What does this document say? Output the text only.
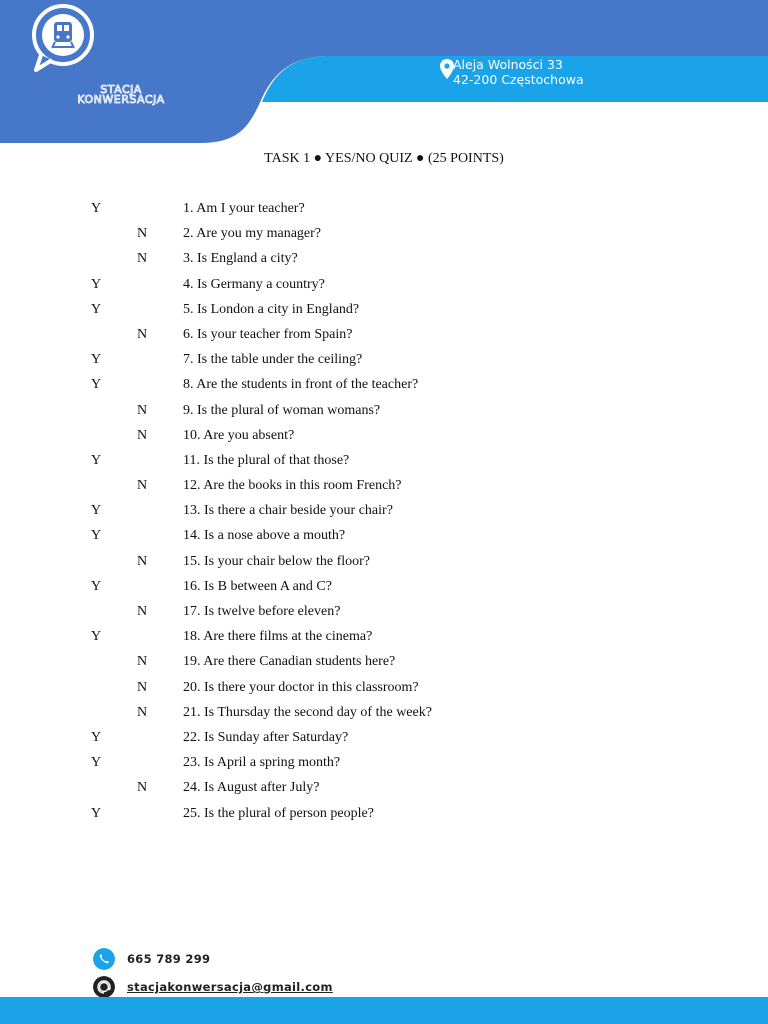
STACJA KONWERSACJA
Aleja Wolności 33
42-200 Częstochowa
TASK 1 ● YES/NO QUIZ ● (25 POINTS)
Y	1. Am I your teacher?
N	2. Are you my manager?
N	3. Is England a city?
Y	4. Is Germany a country?
Y	5. Is London a city in England?
N	6. Is your teacher from Spain?
Y	7. Is the table under the ceiling?
Y	8. Are the students in front of the teacher?
N	9. Is the plural of woman womans?
N	10. Are you absent?
Y	11. Is the plural of that those?
N	12. Are the books in this room French?
Y	13. Is there a chair beside your chair?
Y	14. Is a nose above a mouth?
N	15. Is your chair below the floor?
Y	16. Is B between A and C?
N	17. Is twelve before eleven?
Y	18. Are there films at the cinema?
N	19. Are there Canadian students here?
N	20. Is there your doctor in this classroom?
N	21. Is Thursday the second day of the week?
Y	22. Is Sunday after Saturday?
Y	23. Is April a spring month?
N	24. Is August after July?
Y	25. Is the plural of person people?
665 789 299
stacjakonwersacja@gmail.com
